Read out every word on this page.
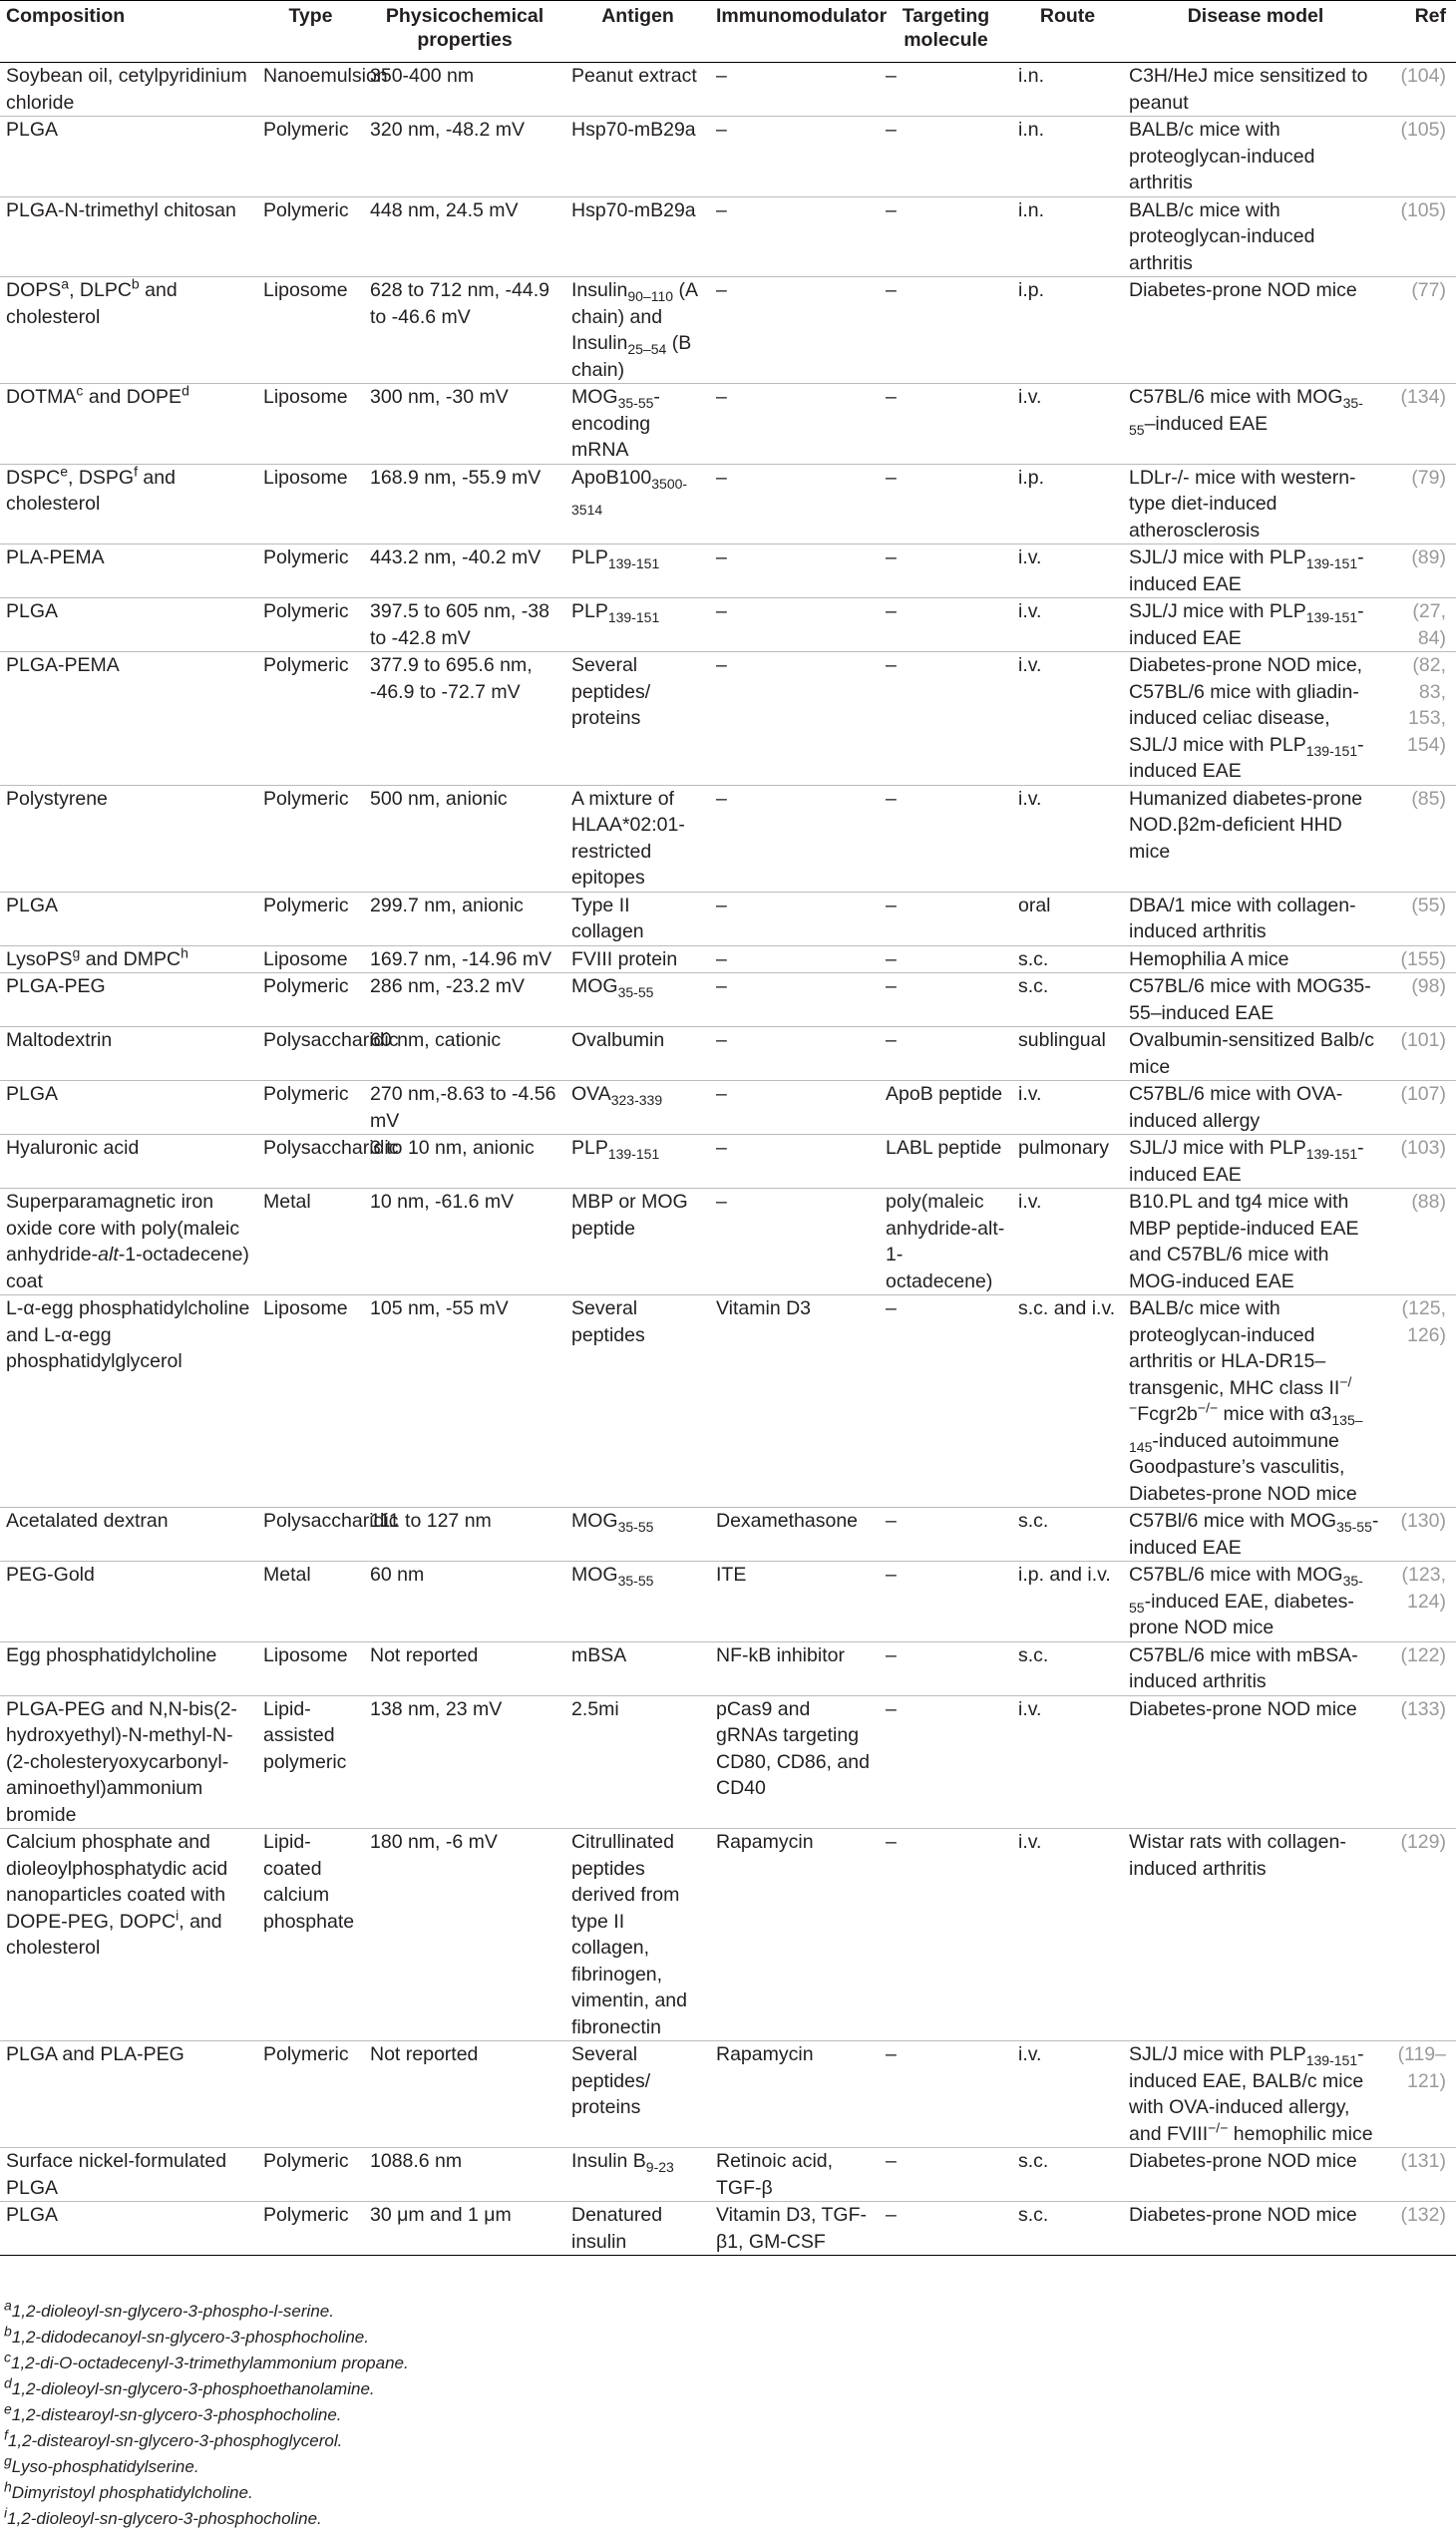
Composition	Type	Physicochemical properties	Antigen	Immunomodulator	Targeting molecule	Route	Disease model	Ref
Soybean oil, cetylpyridinium chloride	Nanoemulsion	350-400 nm	Peanut extract	–	–	i.n.	C3H/HeJ mice sensitized to peanut	(104)
PLGA	Polymeric	320 nm, -48.2 mV	Hsp70-mB29a	–	–	i.n.	BALB/c mice with proteoglycan-induced arthritis	(105)
PLGA-N-trimethyl chitosan	Polymeric	448 nm, 24.5 mV	Hsp70-mB29a	–	–	i.n.	BALB/c mice with proteoglycan-induced arthritis	(105)
DOPS$^a$, DLPC$^b$ and cholesterol	Liposome	628 to 712 nm, -44.9 to -46.6 mV	Insulin$_{90-110}$ (A chain) and Insulin$_{25-54}$ (B chain)	–	–	i.p.	Diabetes-prone NOD mice	(77)
DOTMA$^c$ and DOPE$^d$	Liposome	300 nm, -30 mV	$MOG_{35-55}$-encoding mRNA	–	–	i.v.	C57BL/6 mice with $MOG_{35-55}$–induced EAE	(134)
DSPC$^e$, DSPG$^f$ and cholesterol	Liposome	168.9 nm, -55.9 mV	$ApoB100_{3500-3514}$	–	–	i.p.	LDLr-/- mice with western-type diet-induced atherosclerosis	(79)
PLA-PEMA	Polymeric	443.2 nm, -40.2 mV	$PLP_{139-151}$	–	–	i.v.	SJL/J mice with $PLP_{139-151}$-induced EAE	(89)
PLGA	Polymeric	397.5 to 605 nm, -38 to -42.8 mV	$PLP_{139-151}$	–	–	i.v.	SJL/J mice with $PLP_{139-151}$-induced EAE	(27, 84)
PLGA-PEMA	Polymeric	377.9 to 695.6 nm, -46.9 to -72.7 mV	Several peptides/ proteins	–	–	i.v.	Diabetes-prone NOD mice, C57BL/6 mice with gliadin-induced celiac disease, SJL/J mice with $PLP_{139-151}$-induced EAE	(82, 83, 153, 154)
Polystyrene	Polymeric	500 nm, anionic	A mixture of HLAA*02:01-restricted epitopes	–	–	i.v.	Humanized diabetes-prone NOD.β2m-deficient HHD mice	(85)
PLGA	Polymeric	299.7 nm, anionic	Type II collagen	–	–	oral	DBA/1 mice with collagen-induced arthritis	(55)
LysoPS$^g$ and DMPC$^h$	Liposome	169.7 nm, -14.96 mV	FVIII protein	–	–	s.c.	Hemophilia A mice	(155)
PLGA-PEG	Polymeric	286 nm, -23.2 mV	$MOG_{35-55}$	–	–	s.c.	C57BL/6 mice with MOG35-55–induced EAE	(98)
Maltodextrin	Polysaccharidic	60 nm, cationic	Ovalbumin	–	–	sublingual	Ovalbumin-sensitized Balb/c mice	(101)
PLGA	Polymeric	270 nm,-8.63 to -4.56 mV	$OVA_{323-339}$	–	ApoB peptide	i.v.	C57BL/6 mice with OVA-induced allergy	(107)
Hyaluronic acid	Polysaccharidic	3 to 10 nm, anionic	$PLP_{139-151}$	–	LABL peptide	pulmonary	SJL/J mice with $PLP_{139-151}$-induced EAE	(103)
Superparamagnetic iron oxide core with poly(maleic anhydride-alt-1-octadecene) coat	Metal	10 nm, -61.6 mV	MBP or MOG peptide	–	poly(maleic anhydride-alt-1-octadecene)	i.v.	B10.PL and tg4 mice with MBP peptide-induced EAE and C57BL/6 mice with MOG-induced EAE	(88)
L-α-egg phosphatidylcholine and L-α-egg phosphatidylglycerol	Liposome	105 nm, -55 mV	Several peptides	Vitamin D3	–	s.c. and i.v.	BALB/c mice with proteoglycan-induced arthritis or HLA-DR15–transgenic, MHC class II−/−Fcgr2b−/− mice with $\alpha 3_{135-145}$-induced autoimmune Goodpasture’s vasculitis, Diabetes-prone NOD mice	(125, 126)
Acetalated dextran	Polysaccharidic	111 to 127 nm	$MOG_{35-55}$	Dexamethasone	–	s.c.	C57Bl/6 mice with $MOG_{35-55}$-induced EAE	(130)
PEG-Gold	Metal	60 nm	$MOG_{35-55}$	ITE	–	i.p. and i.v.	C57BL/6 mice with $MOG_{35-55}$-induced EAE, diabetes-prone NOD mice	(123, 124)
Egg phosphatidylcholine	Liposome	Not reported	mBSA	NF-kB inhibitor	–	s.c.	C57BL/6 mice with mBSA-induced arthritis	(122)
PLGA-PEG and N,N-bis(2-hydroxyethyl)-N-methyl-N-(2-cholesteryoxycarbonyl-aminoethyl)ammonium bromide	Lipid-assisted polymeric	138 nm, 23 mV	2.5mi	pCas9 and gRNAs targeting CD80, CD86, and CD40	–	i.v.	Diabetes-prone NOD mice	(133)
Calcium phosphate and dioleoylphosphatydic acid nanoparticles coated with DOPE-PEG, DOPC$^i$, and cholesterol	Lipid-coated calcium phosphate	180 nm, -6 mV	Citrullinated peptides derived from type II collagen, fibrinogen, vimentin, and fibronectin	Rapamycin	–	i.v.	Wistar rats with collagen-induced arthritis	(129)
PLGA and PLA-PEG	Polymeric	Not reported	Several peptides/ proteins	Rapamycin	–	i.v.	SJL/J mice with $PLP_{139-151}$-induced EAE, BALB/c mice with OVA-induced allergy, and FVIII−/− hemophilic mice	(119–121)
Surface nickel-formulated PLGA	Polymeric	1088.6 nm	Insulin $B_{9-23}$	Retinoic acid, TGF-β	–	s.c.	Diabetes-prone NOD mice	(131)
PLGA	Polymeric	30 μm and 1 μm	Denatured insulin	Vitamin D3, TGF-β1, GM-CSF	–	s.c.	Diabetes-prone NOD mice	(132)
$^a$1,2-dioleoyl-sn-glycero-3-phospho-l-serine.
$^b$1,2-didodecanoyl-sn-glycero-3-phosphocholine.
$^c$1,2-di-O-octadecenyl-3-trimethylammonium propane.
$^d$1,2-dioleoyl-sn-glycero-3-phosphoethanolamine.
$^e$1,2-distearoyl-sn-glycero-3-phosphocholine.
$^f$1,2-distearoyl-sn-glycero-3-phosphoglycerol.
$^g$Lyso-phosphatidylserine.
$^h$Dimyristoyl phosphatidylcholine.
$^i$1,2-dioleoyl-sn-glycero-3-phosphocholine.
